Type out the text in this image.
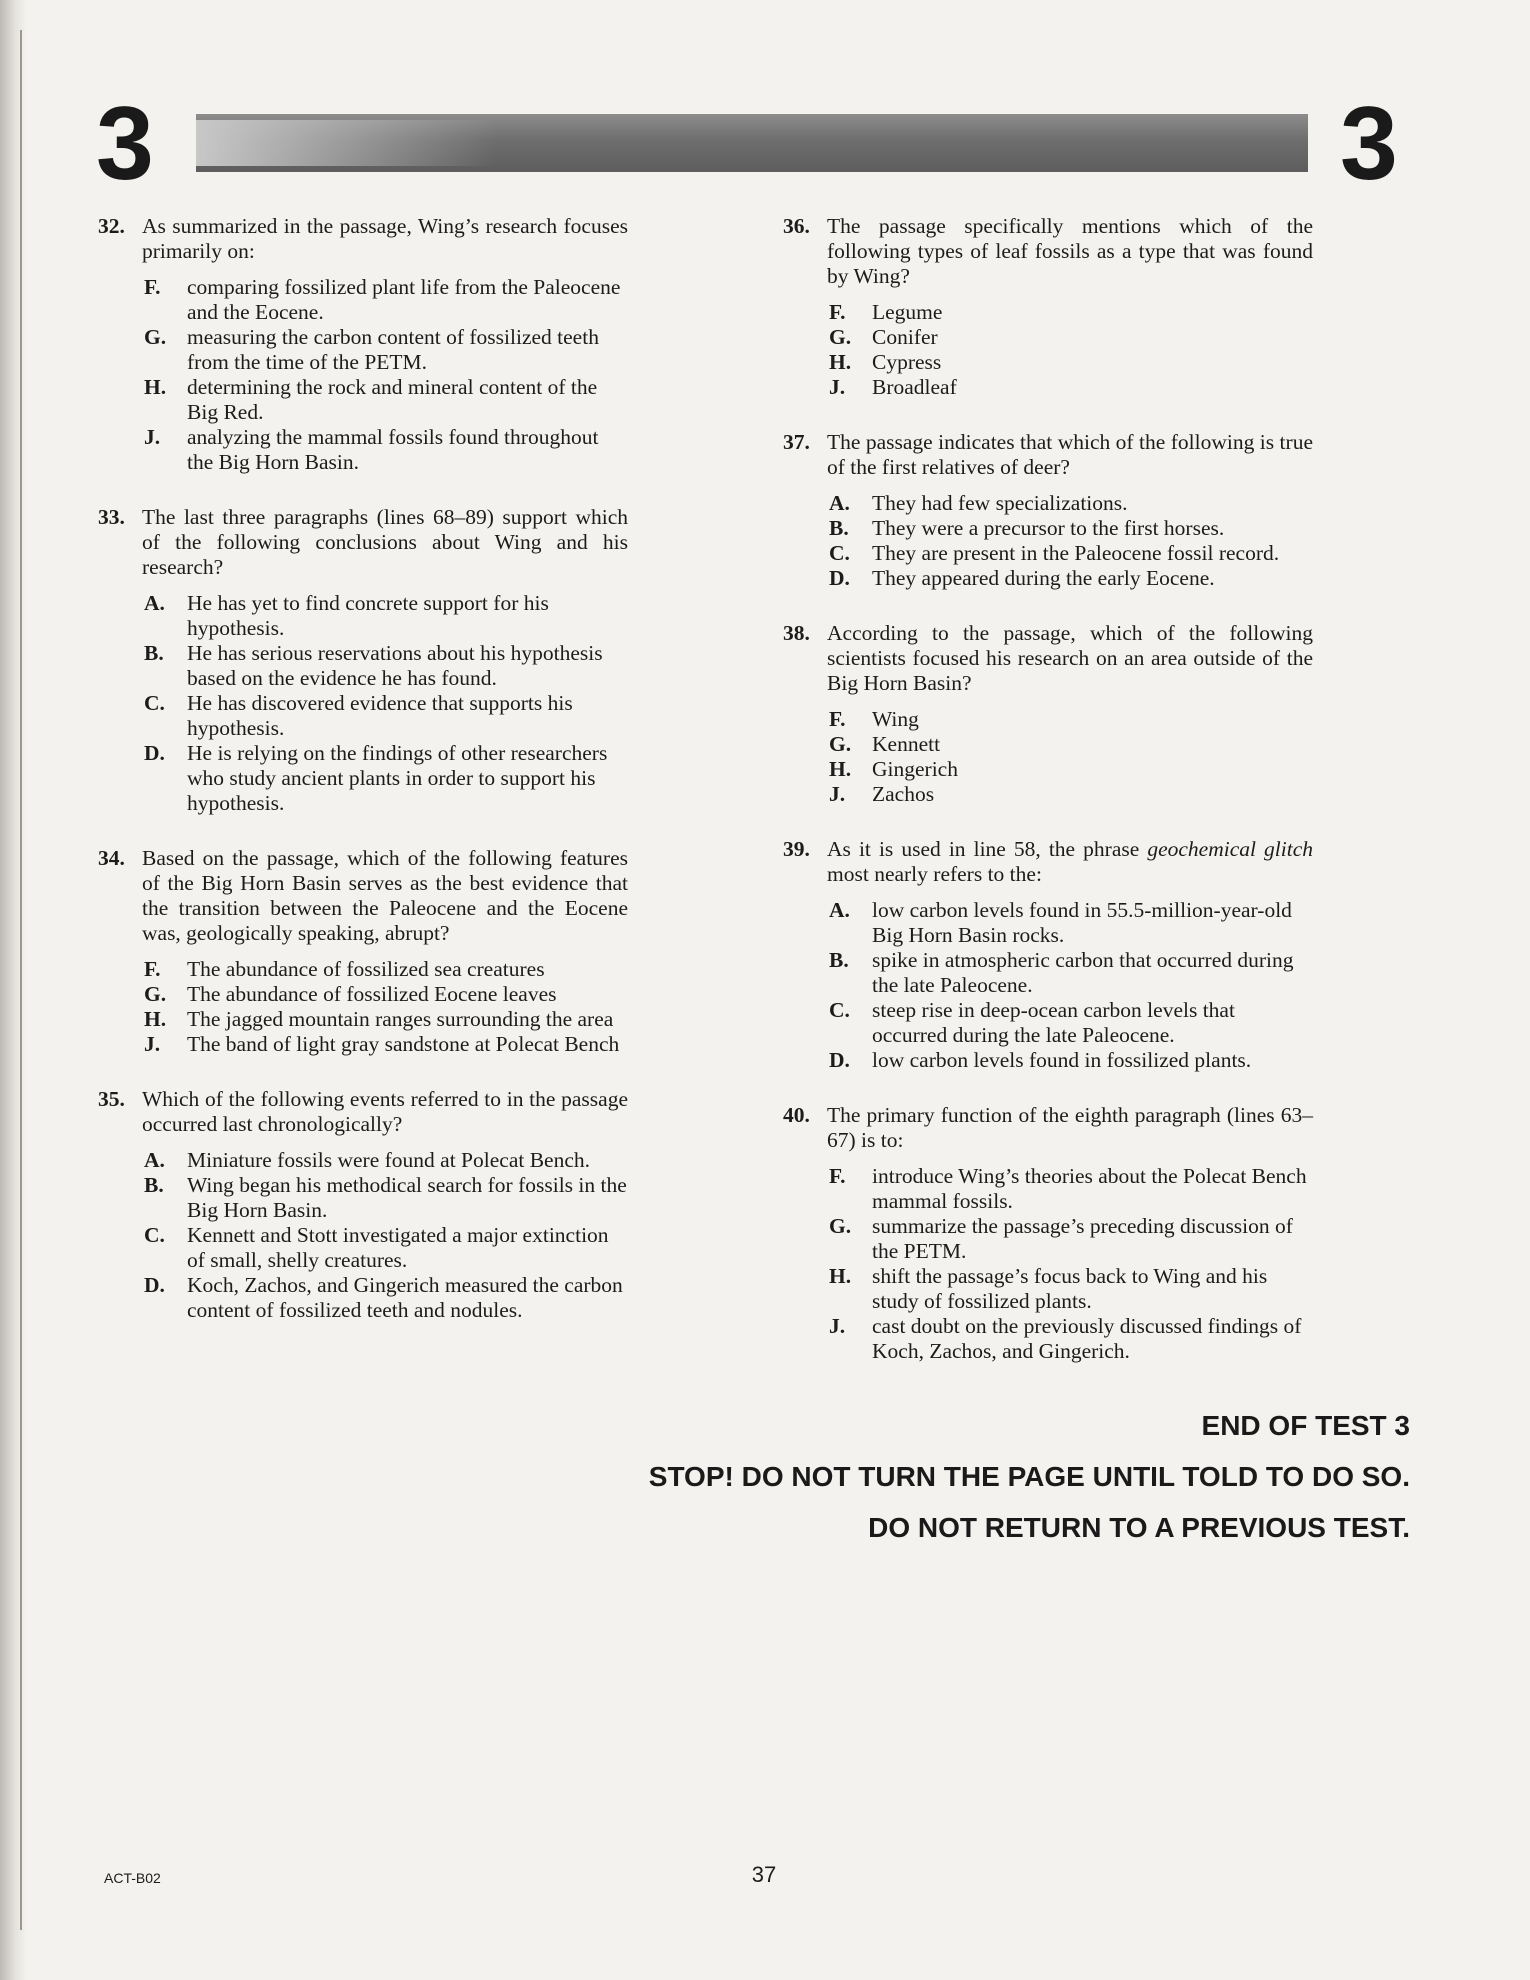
3	3
32. As summarized in the passage, Wing’s research focuses primarily on:
F.	comparing fossilized plant life from the Paleocene and the Eocene.
G. measuring the carbon content of fossilized teeth from the time of the PETM.
H. determining the rock and mineral content of the Big Red.
J.	analyzing the mammal fossils found throughout the Big Horn Basin.
33. The last three paragraphs (lines 68–89) support which of the following conclusions about Wing and his research?
A.	He has yet to find concrete support for his hypothesis.
B.	He has serious reservations about his hypothesis based on the evidence he has found.
C.	He has discovered evidence that supports his hypothesis.
D.	He is relying on the findings of other researchers who study ancient plants in order to support his hypothesis.
34. Based on the passage, which of the following features of the Big Horn Basin serves as the best evidence that the transition between the Paleocene and the Eocene was, geologically speaking, abrupt?
F.	The abundance of fossilized sea creatures
G. The abundance of fossilized Eocene leaves
H. The jagged mountain ranges surrounding the area
J.	The band of light gray sandstone at Polecat Bench
35. Which of the following events referred to in the passage occurred last chronologically?
A.	Miniature fossils were found at Polecat Bench.
B.	Wing began his methodical search for fossils in the Big Horn Basin.
C.	Kennett and Stott investigated a major extinction of small, shelly creatures.
D.	Koch, Zachos, and Gingerich measured the carbon content of fossilized teeth and nodules.
36. The passage specifically mentions which of the following types of leaf fossils as a type that was found by Wing?
F.	Legume
G. Conifer
H. Cypress
J.	Broadleaf
37. The passage indicates that which of the following is true of the first relatives of deer?
A.	They had few specializations.
B.	They were a precursor to the first horses.
C.	They are present in the Paleocene fossil record.
D.	They appeared during the early Eocene.
38. According to the passage, which of the following scientists focused his research on an area outside of the Big Horn Basin?
F.	Wing
G. Kennett
H. Gingerich
J.	Zachos
39. As it is used in line 58, the phrase geochemical glitch most nearly refers to the:
A.	low carbon levels found in 55.5-million-year-old Big Horn Basin rocks.
B.	spike in atmospheric carbon that occurred during the late Paleocene.
C.	steep rise in deep-ocean carbon levels that occurred during the late Paleocene.
D.	low carbon levels found in fossilized plants.
40. The primary function of the eighth paragraph (lines 63–67) is to:
F.	introduce Wing’s theories about the Polecat Bench mammal fossils.
G. summarize the passage’s preceding discussion of the PETM.
H. shift the passage’s focus back to Wing and his study of fossilized plants.
J.	cast doubt on the previously discussed findings of Koch, Zachos, and Gingerich.
END OF TEST 3
STOP! DO NOT TURN THE PAGE UNTIL TOLD TO DO SO.
DO NOT RETURN TO A PREVIOUS TEST.
ACT-B02	37
